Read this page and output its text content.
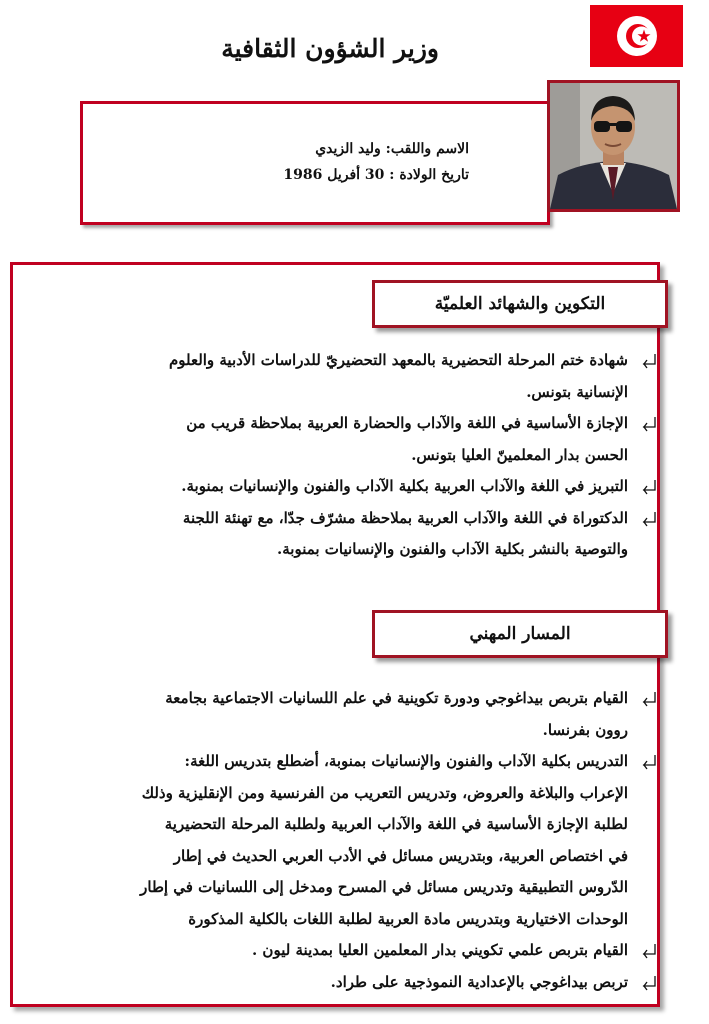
وزير الشؤون الثقافية
الاسم واللقب: وليد الزيدي
تاريخ الولادة : 30 أفريل 1986
التكوين والشهائد العلميّة
شهادة ختم المرحلة التحضيرية بالمعهد التحضيريّ للدراسات الأدبية والعلوم
الإنسانية بتونس.
الإجازة الأساسية في اللغة والآداب والحضارة العربية بملاحظة قريب من
الحسن بدار المعلمينّ العليا بتونس.
التبريز في اللغة والآداب العربية بكلية الآداب والفنون والإنسانيات بمنوبة.
الدكتوراة في اللغة والآداب العربية بملاحظة مشرّف جدّا، مع تهنئة اللجنة
والتوصية بالنشر بكلية الآداب والفنون والإنسانيات بمنوبة.
المسار المهني
القيام بتربص بيداغوجي ودورة تكوينية في علم اللسانيات الاجتماعية بجامعة
روون بفرنسا.
التدريس بكلية الآداب والفنون والإنسانيات بمنوبة، أضطلع بتدريس اللغة:
الإعراب والبلاغة والعروض، وتدريس التعريب من الفرنسية ومن الإنقليزية وذلك
لطلبة الإجازة الأساسية في اللغة والآداب العربية ولطلبة المرحلة التحضيرية
في اختصاص العربية، وبتدريس مسائل في الأدب العربي الحديث في إطار
الدّروس التطبيقية وتدريس مسائل في المسرح ومدخل إلى اللسانيات في إطار
الوحدات الاختيارية وبتدريس مادة العربية لطلبة اللغات بالكلية المذكورة
القيام بتربص علمي تكويني بدار المعلمين العليا بمدينة ليون .
تربص بيداغوجي بالإعدادية النموذجية على طراد.
